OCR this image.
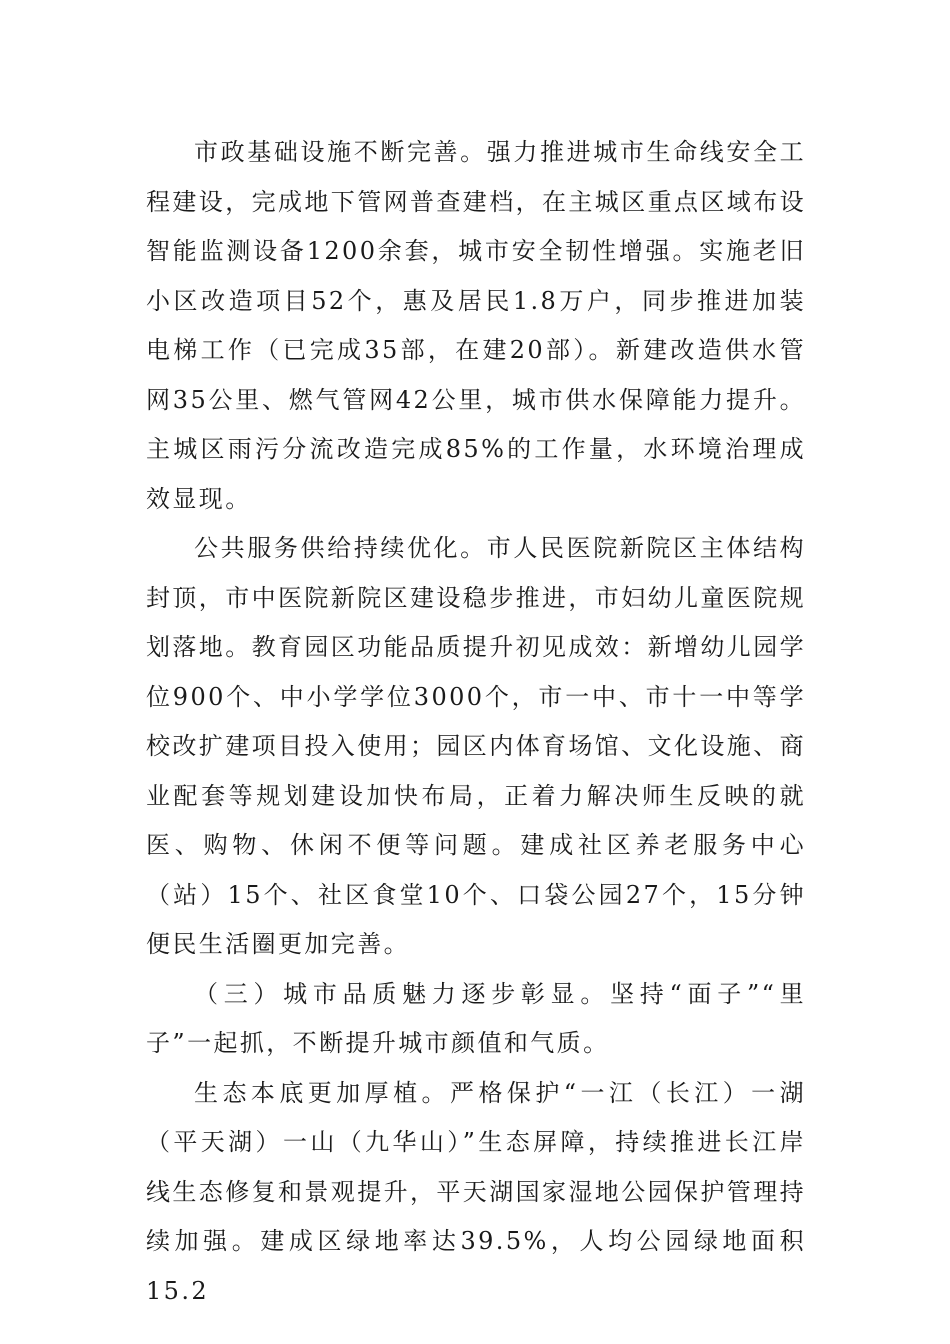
市政基础设施不断完善。强力推进城市生命线安全工程建设，完成地下管网普查建档，在主城区重点区域布设智能监测设备1200余套，城市安全韧性增强。实施老旧小区改造项目52个，惠及居民1.8万户，同步推进加装电梯工作（已完成35部，在建20部）。新建改造供水管网35公里、燃气管网42公里，城市供水保障能力提升。主城区雨污分流改造完成85%的工作量，水环境治理成效显现。

公共服务供给持续优化。市人民医院新院区主体结构封顶，市中医院新院区建设稳步推进，市妇幼儿童医院规划落地。教育园区功能品质提升初见成效：新增幼儿园学位900个、中小学学位3000个，市一中、市十一中等学校改扩建项目投入使用；园区内体育场馆、文化设施、商业配套等规划建设加快布局，正着力解决师生反映的就医、购物、休闲不便等问题。建成社区养老服务中心（站）15个、社区食堂10个、口袋公园27个，15分钟便民生活圈更加完善。

（三）城市品质魅力逐步彰显。坚持“面子”“里子”一起抓，不断提升城市颜值和气质。

生态本底更加厚植。严格保护“一江（长江）一湖（平天湖）一山（九华山）”生态屏障，持续推进长江岸线生态修复和景观提升，平天湖国家湿地公园保护管理持续加强。建成区绿地率达39.5%，人均公园绿地面积15.2
